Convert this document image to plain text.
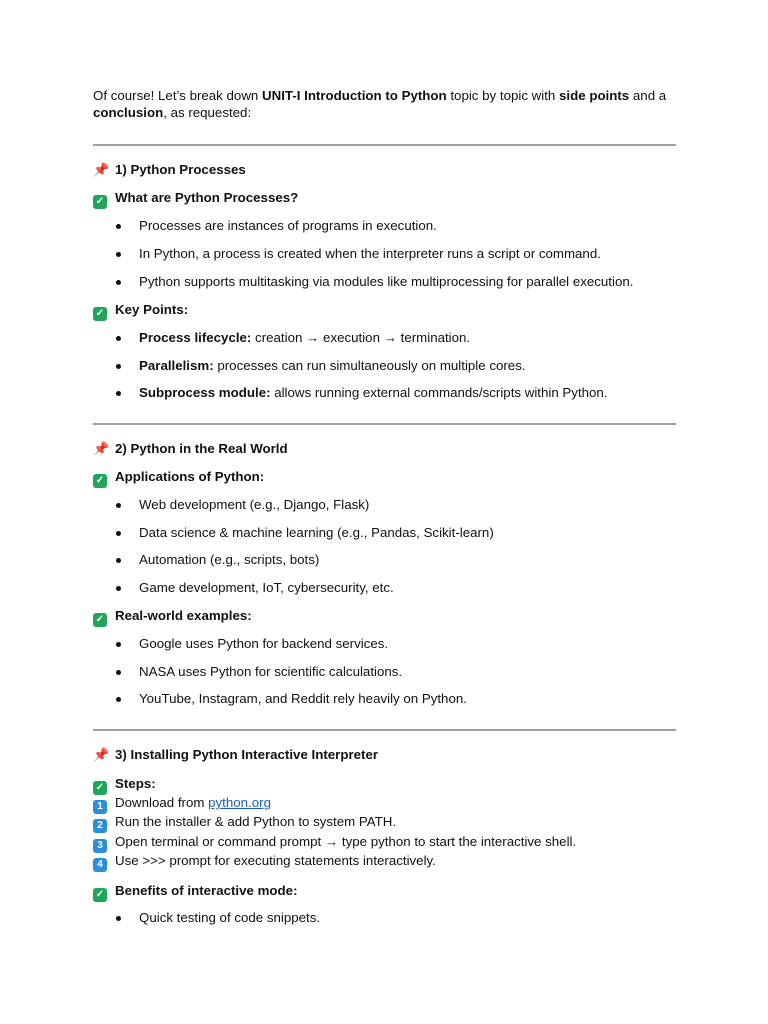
Of course! Let’s break down UNIT-I Introduction to Python topic by topic with side points and a conclusion, as requested:
📌 1) Python Processes
✓ What are Python Processes?
Processes are instances of programs in execution.
In Python, a process is created when the interpreter runs a script or command.
Python supports multitasking via modules like multiprocessing for parallel execution.
✓ Key Points:
Process lifecycle: creation → execution → termination.
Parallelism: processes can run simultaneously on multiple cores.
Subprocess module: allows running external commands/scripts within Python.
📌 2) Python in the Real World
✓ Applications of Python:
Web development (e.g., Django, Flask)
Data science & machine learning (e.g., Pandas, Scikit-learn)
Automation (e.g., scripts, bots)
Game development, IoT, cybersecurity, etc.
✓ Real-world examples:
Google uses Python for backend services.
NASA uses Python for scientific calculations.
YouTube, Instagram, and Reddit rely heavily on Python.
📌 3) Installing Python Interactive Interpreter
✓ Steps:
1 Download from python.org
2 Run the installer & add Python to system PATH.
3 Open terminal or command prompt → type python to start the interactive shell.
4 Use >>> prompt for executing statements interactively.
✓ Benefits of interactive mode:
Quick testing of code snippets.
